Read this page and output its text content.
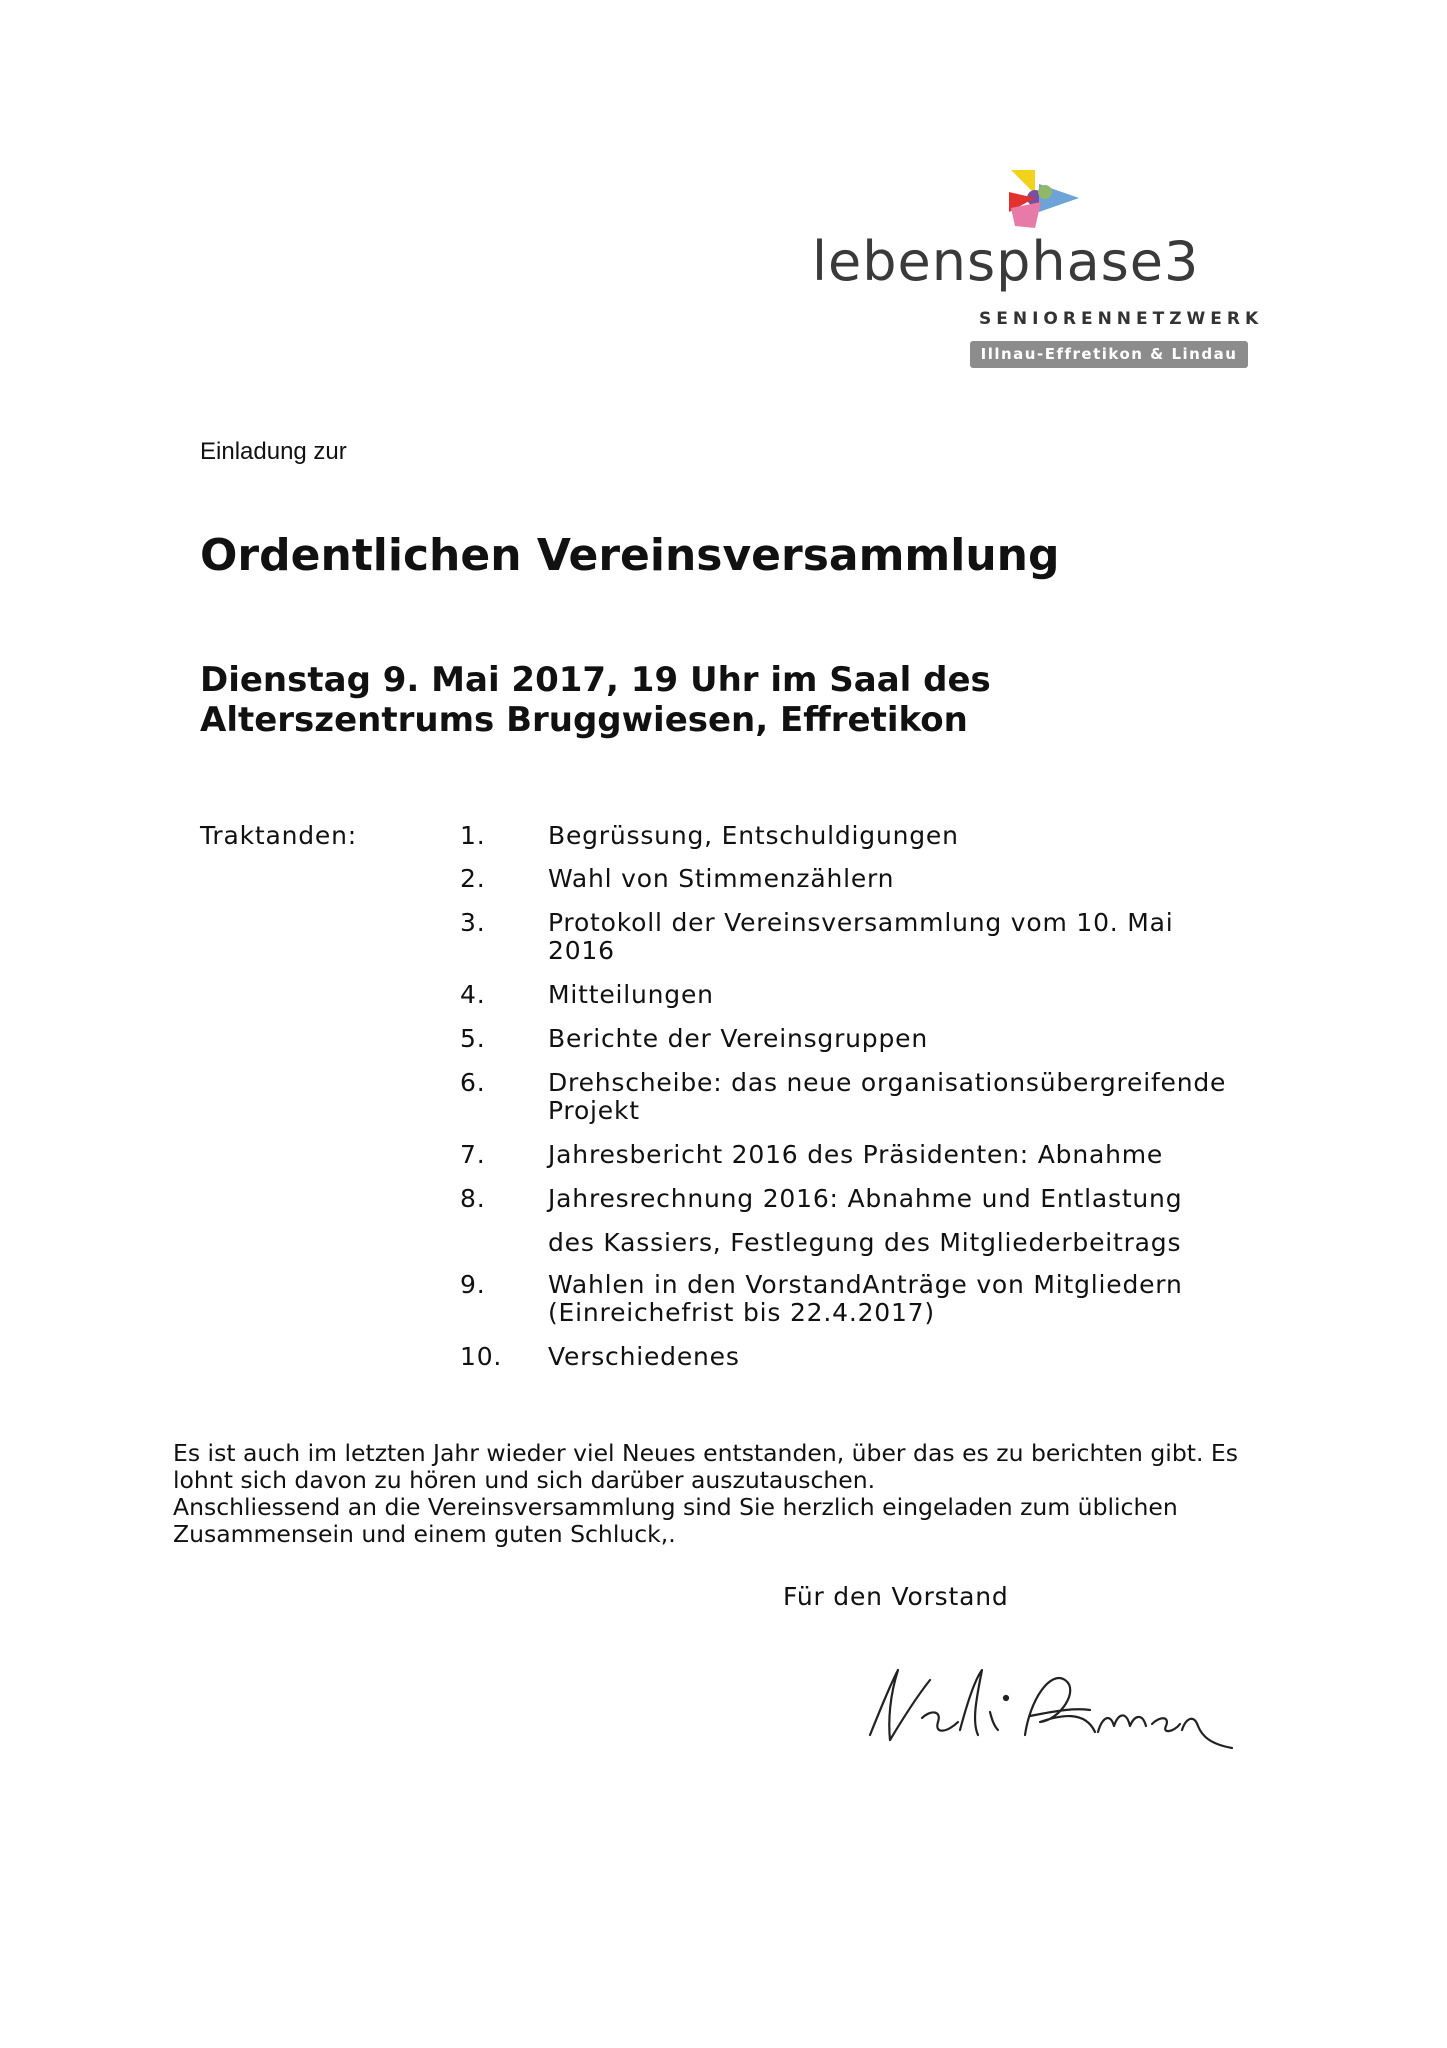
lebensphase3
SENIORENNETZWERK
Illnau-Effretikon & Lindau
Einladung zur
Ordentlichen Vereinsversammlung
Dienstag 9. Mai 2017, 19 Uhr im Saal des
Alterszentrums Bruggwiesen, Effretikon
Traktanden:	1.	Begrüssung, Entschuldigungen
2.	Wahl von Stimmenzählern
3.	Protokoll der Vereinsversammlung vom 10. Mai
2016
4.	Mitteilungen
5.	Berichte der Vereinsgruppen
6.	Drehscheibe: das neue organisationsübergreifende
Projekt
7.	Jahresbericht 2016 des Präsidenten: Abnahme
8.	Jahresrechnung 2016: Abnahme und Entlastung
des Kassiers, Festlegung des Mitgliederbeitrags
9.	Wahlen in den VorstandAnträge von Mitgliedern
(Einreichefrist bis 22.4.2017)
10. Verschiedenes
Es ist auch im letzten Jahr wieder viel Neues entstanden, über das es zu berichten gibt. Es
lohnt sich davon zu hören und sich darüber auszutauschen.
Anschliessend an die Vereinsversammlung sind Sie herzlich eingeladen zum üblichen
Zusammensein und einem guten Schluck,.
Für den Vorstand
